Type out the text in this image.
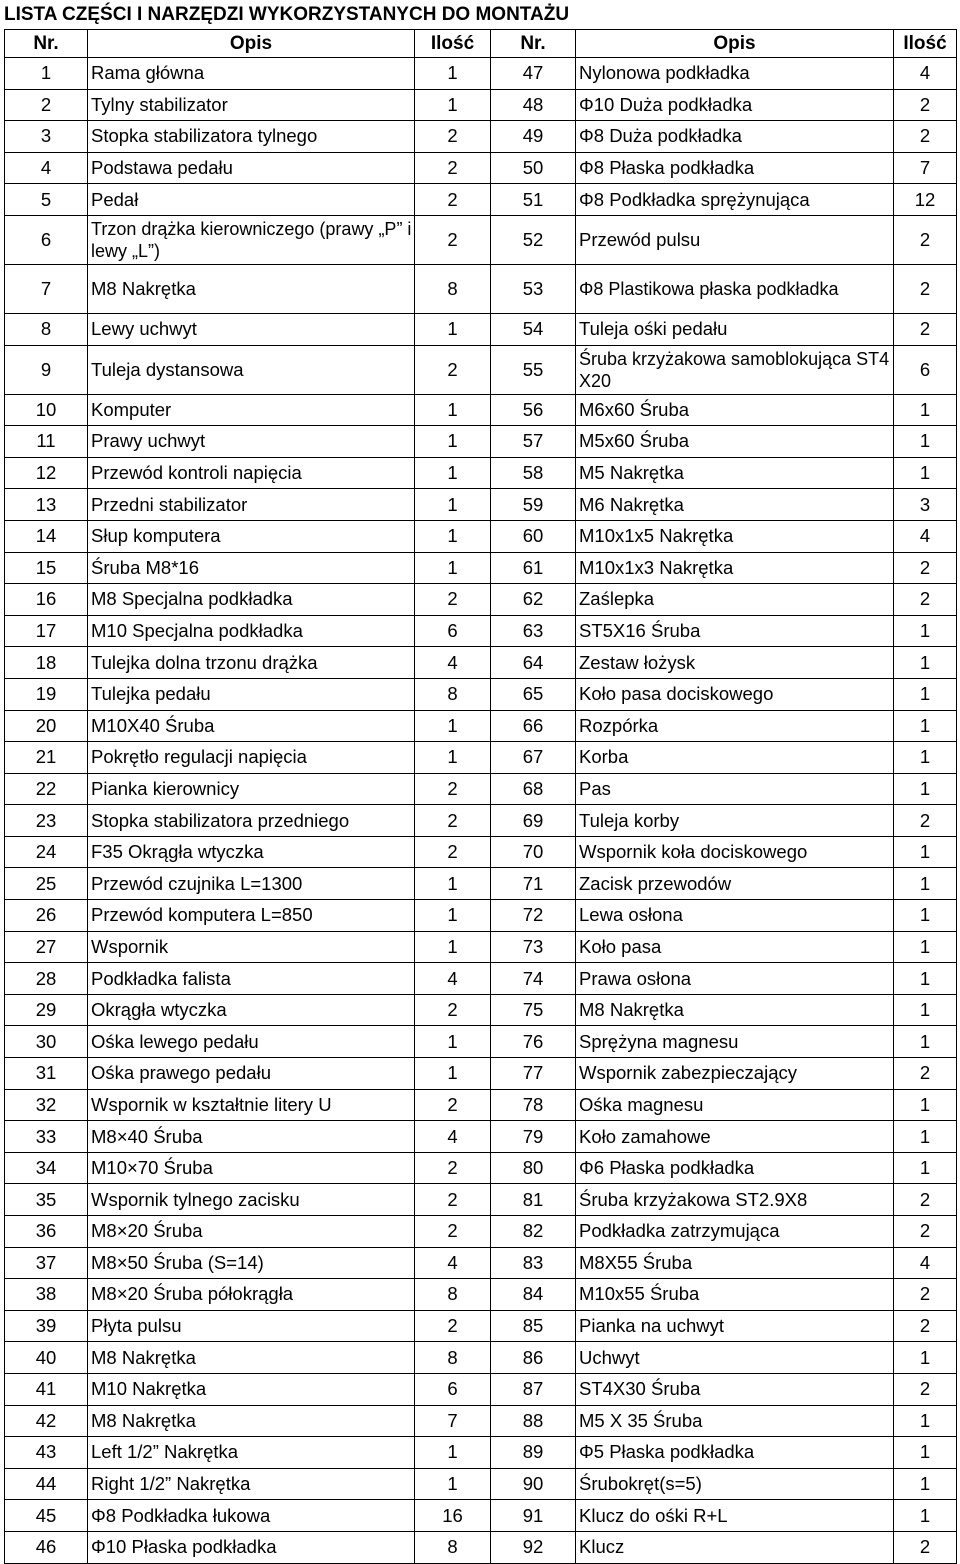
LISTA CZĘŚCI I NARZĘDZI WYKORZYSTANYCH DO MONTAŻU
Nr.	Opis	Ilość	Nr.	Opis	Ilość
1	Rama główna	1	47	Nylonowa podkładka	4
2	Tylny stabilizator	1	48	Φ10 Duża podkładka	2
3	Stopka stabilizatora tylnego	2	49	Φ8 Duża podkładka	2
4	Podstawa pedału	2	50	Φ8 Płaska podkładka	7
5	Pedał	2	51	Φ8 Podkładka sprężynująca	12
6	Trzon drążka kierowniczego (prawy „P” i lewy „L”)	2	52	Przewód pulsu	2
7	M8 Nakrętka	8	53	Φ8 Plastikowa płaska podkładka	2
8	Lewy uchwyt	1	54	Tuleja ośki pedału	2
9	Tuleja dystansowa	2	55	Śruba krzyżakowa samoblokująca ST4 X20	6
10	Komputer	1	56	M6x60 Śruba	1
11	Prawy uchwyt	1	57	M5x60 Śruba	1
12	Przewód kontroli napięcia	1	58	M5 Nakrętka	1
13	Przedni stabilizator	1	59	M6 Nakrętka	3
14	Słup komputera	1	60	M10x1x5 Nakrętka	4
15	Śruba M8*16	1	61	M10x1x3 Nakrętka	2
16	M8 Specjalna podkładka	2	62	Zaślepka	2
17	M10 Specjalna podkładka	6	63	ST5X16 Śruba	1
18	Tulejka dolna trzonu drążka	4	64	Zestaw łożysk	1
19	Tulejka pedału	8	65	Koło pasa dociskowego	1
20	M10X40 Śruba	1	66	Rozpórka	1
21	Pokrętło regulacji napięcia	1	67	Korba	1
22	Pianka kierownicy	2	68	Pas	1
23	Stopka stabilizatora przedniego	2	69	Tuleja korby	2
24	F35 Okrągła wtyczka	2	70	Wspornik koła dociskowego	1
25	Przewód czujnika L=1300	1	71	Zacisk przewodów	1
26	Przewód komputera L=850	1	72	Lewa osłona	1
27	Wspornik	1	73	Koło pasa	1
28	Podkładka falista	4	74	Prawa osłona	1
29	Okrągła wtyczka	2	75	M8 Nakrętka	1
30	Ośka lewego pedału	1	76	Sprężyna magnesu	1
31	Ośka prawego pedału	1	77	Wspornik zabezpieczający	2
32	Wspornik w kształtnie litery U	2	78	Ośka magnesu	1
33	M8×40 Śruba	4	79	Koło zamahowe	1
34	M10×70 Śruba	2	80	Φ6 Płaska podkładka	1
35	Wspornik tylnego zacisku	2	81	Śruba krzyżakowa ST2.9X8	2
36	M8×20 Śruba	2	82	Podkładka zatrzymująca	2
37	M8×50 Śruba (S=14)	4	83	M8X55 Śruba	4
38	M8×20 Śruba półokrągła	8	84	M10x55 Śruba	2
39	Płyta pulsu	2	85	Pianka na uchwyt	2
40	M8 Nakrętka	8	86	Uchwyt	1
41	M10 Nakrętka	6	87	ST4X30 Śruba	2
42	M8 Nakrętka	7	88	M5 X 35 Śruba	1
43	Left 1/2” Nakrętka	1	89	Φ5 Płaska podkładka	1
44	Right 1/2” Nakrętka	1	90	Śrubokręt(s=5)	1
45	Φ8 Podkładka łukowa	16	91	Klucz do ośki R+L	1
46	Φ10 Płaska podkładka	8	92	Klucz	2
